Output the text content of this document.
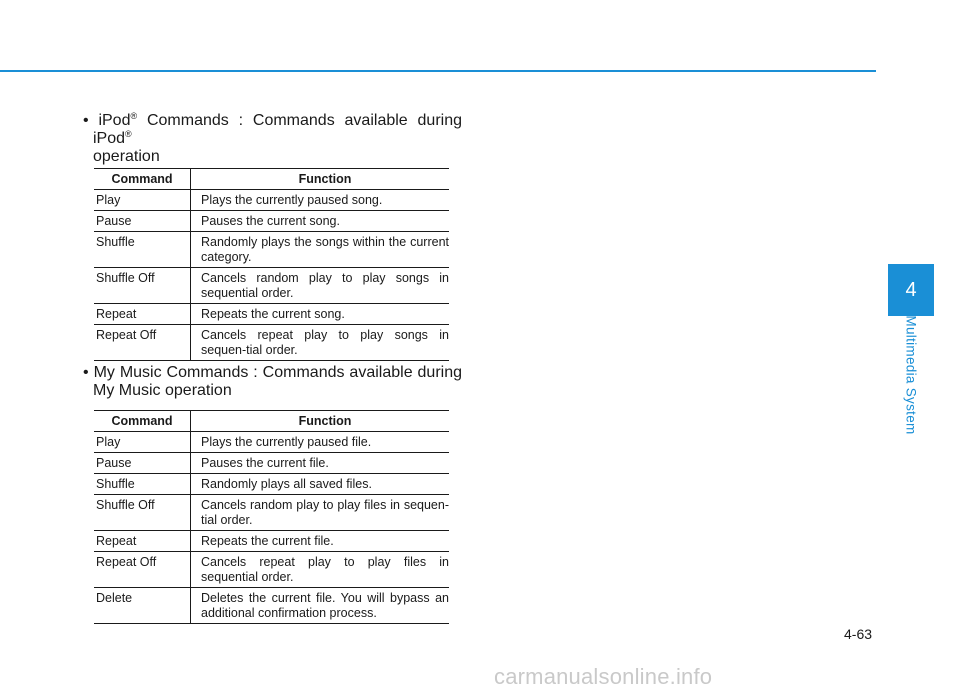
• iPod® Commands : Commands available during iPod®
operation
Command	Function
Play	Plays the currently paused song.
Pause	Pauses the current song.
Shuffle	Randomly plays the songs within the current category.
Shuffle Off	Cancels random play to play songs in sequential order.
Repeat	Repeats the current song.
Repeat Off	Cancels repeat play to play songs in sequen-tial order.
• My Music Commands : Commands available during My Music operation
Command	Function
Play	Plays the currently paused file.
Pause	Pauses the current file.
Shuffle	Randomly plays all saved files.
Shuffle Off	Cancels random play to play files in sequen-tial order.
Repeat	Repeats the current file.
Repeat Off	Cancels repeat play to play files in sequential order.
Delete	Deletes the current file. You will bypass an additional confirmation process.
4
Multimedia System
4-63
carmanualsonline.info
